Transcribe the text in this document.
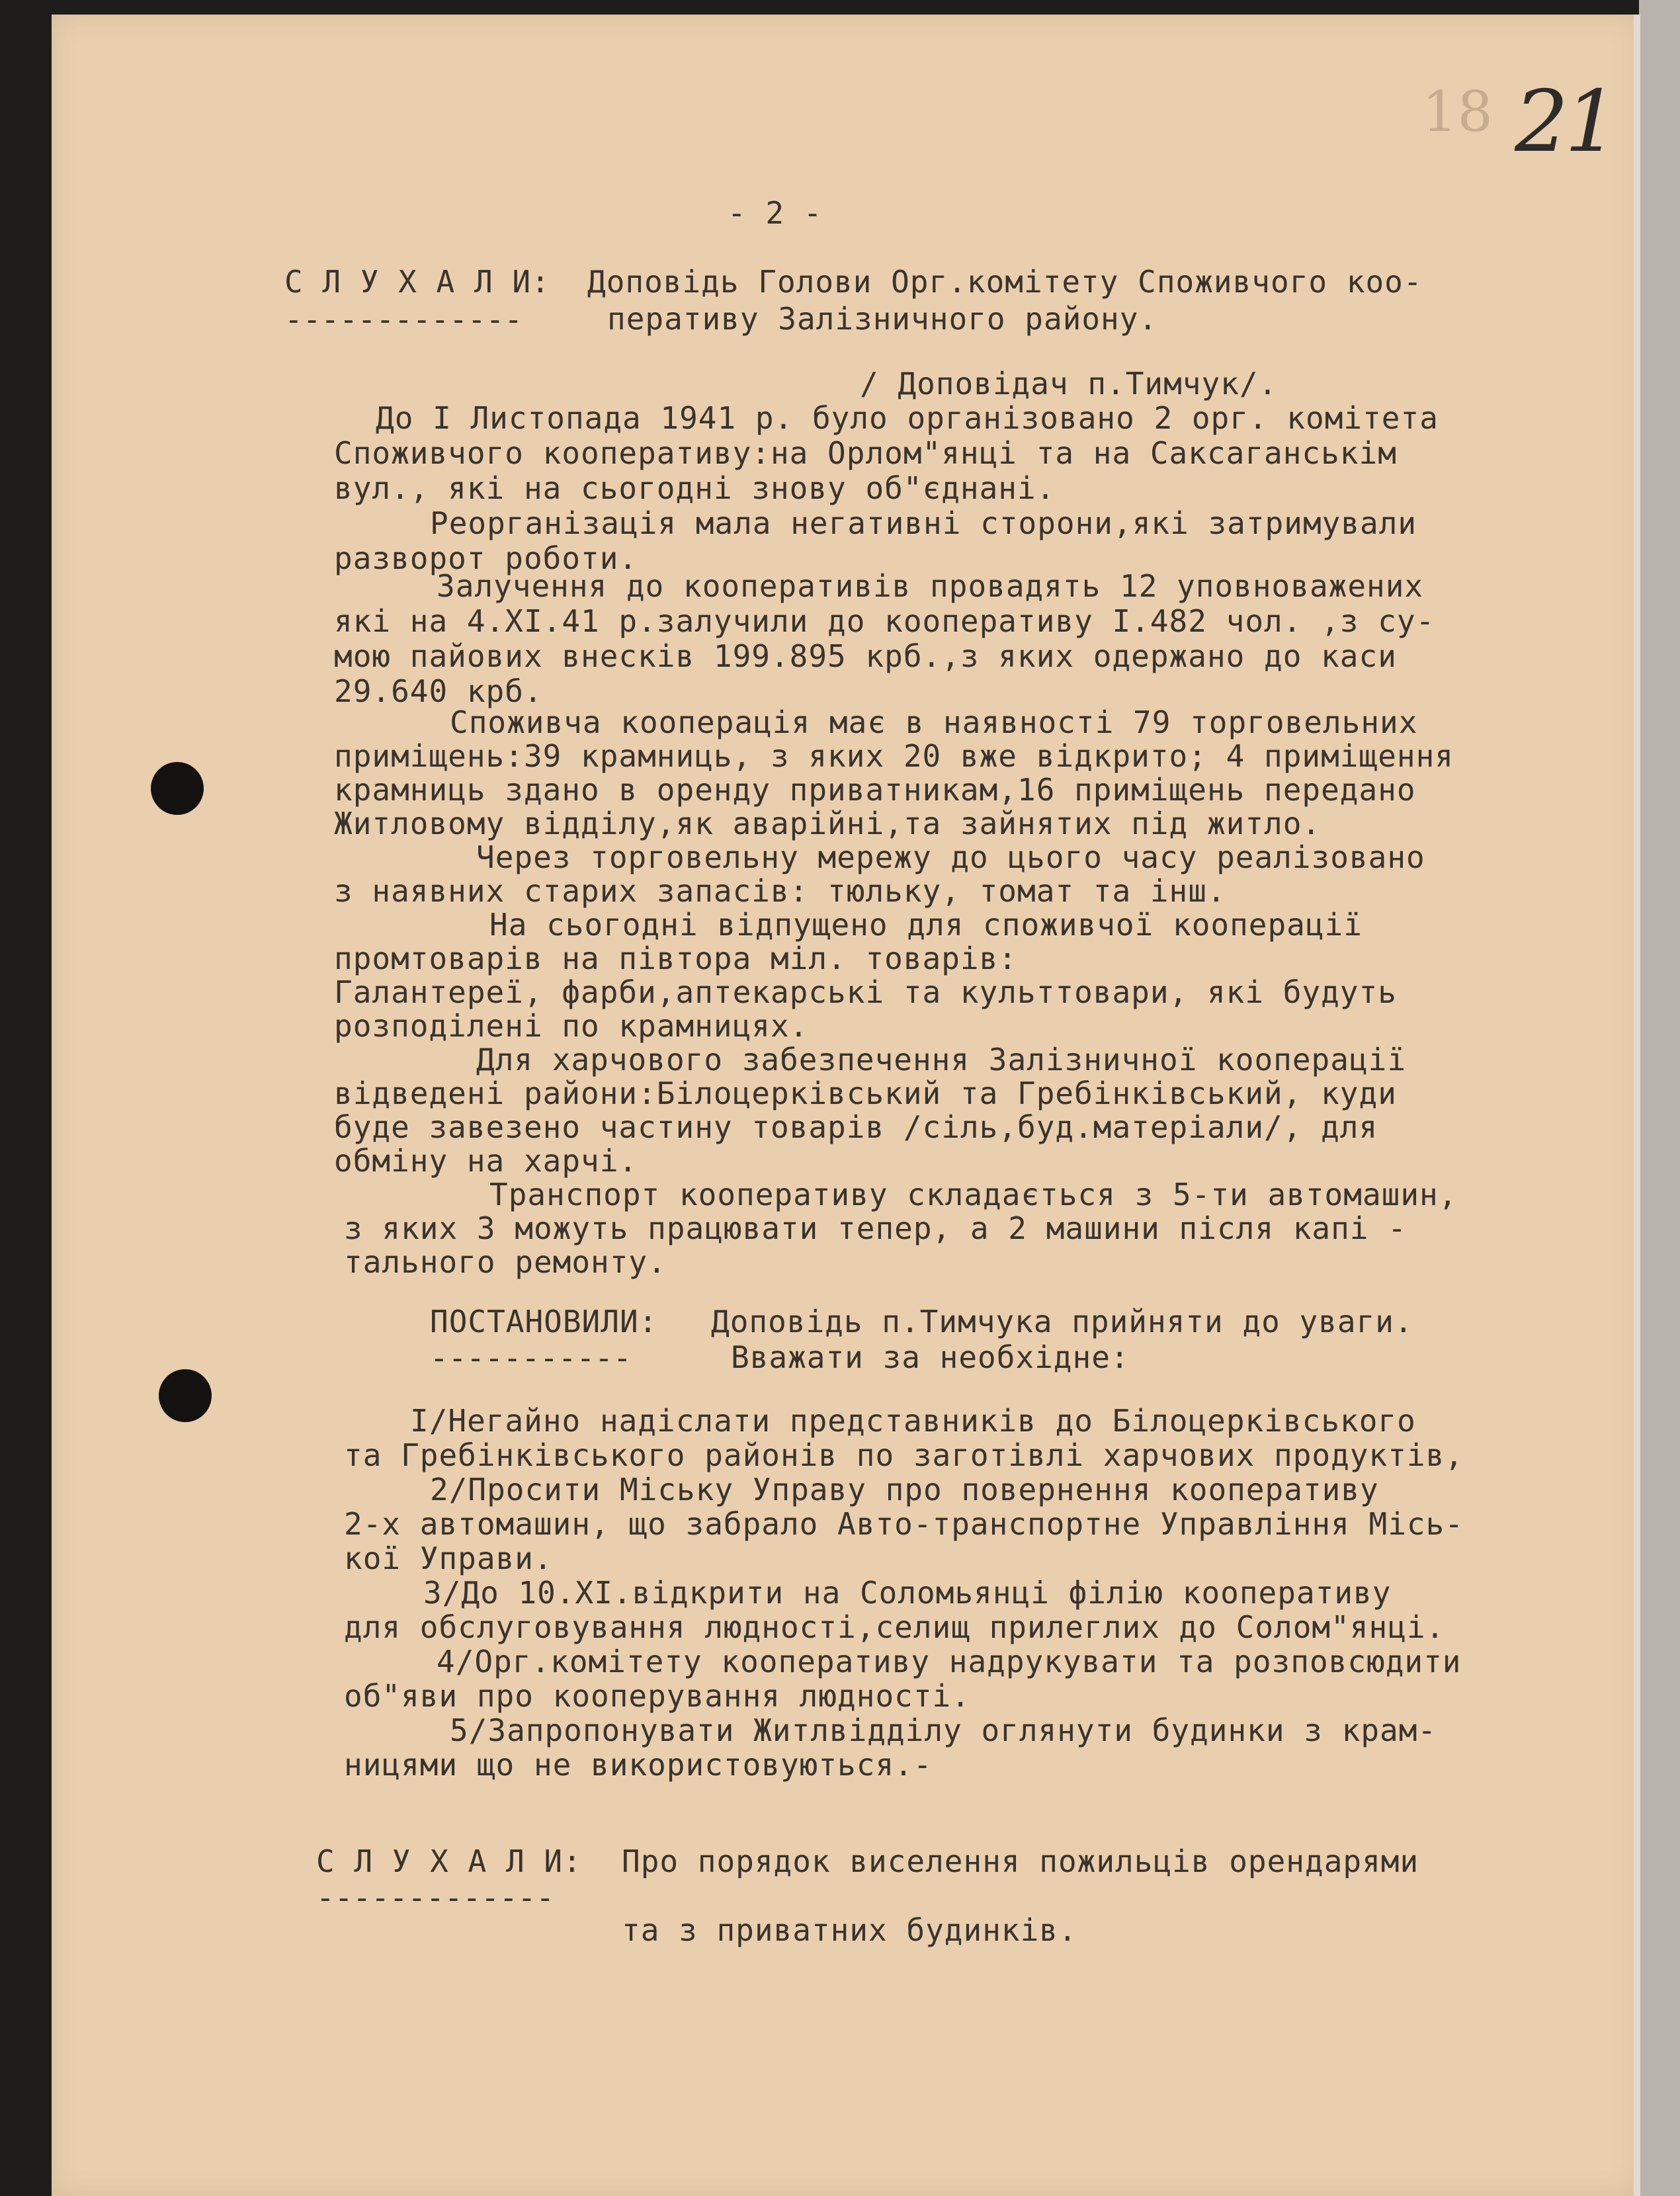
18 21
- 2 -
С Л У Х А Л И: Доповідь Голови Орг.комітету Споживчого коо-
-------------	перативу Залізничного району.
/ Доповідач п.Тимчук/.
До I Листопада 1941 р. було організовано 2 орг. комітета
Споживчого кооперативу:на Орлом"янці та на Саксаганськім
вул., які на сьогодні знову об"єднані.
Реорганізація мала негативні сторони,які затримували
разворот роботи.
Залучення до кооперативів провадять 12 уповноважених
які на 4.XI.41 р.залучили до кооперативу I.482 чол. ,з су-
мою пайових внесків 199.895 крб.,з яких одержано до каси
29.640 крб.
Споживча кооперація має в наявності 79 торговельних
приміщень:39 крамниць, з яких 20 вже відкрито; 4 приміщення
крамниць здано в оренду приватникам,16 приміщень передано
Житловому відділу,як аварійні,та зайнятих під житло.
Через торговельну мережу до цього часу реалізовано
з наявних старих запасів: тюльку, томат та інш.
На сьогодні відпущено для споживчої кооперації
промтоварів на півтора міл. товарів:
Галантереї, фарби,аптекарські та культтовари, які будуть
розподілені по крамницях.
Для харчового забезпечення Залізничної кооперації
відведені райони:Білоцерківський та Гребінківський, куди
буде завезено частину товарів /сіль,буд.матеріали/, для
обміну на харчі.
Транспорт кооперативу складається з 5-ти автомашин,
з яких 3 можуть працювати тепер, а 2 машини після капі -
тального ремонту.
ПОСТАНОВИЛИ: Доповідь п.Тимчука прийняти до уваги.
-----------	Вважати за необхідне:
I/Негайно надіслати представників до Білоцерківського
та Гребінківського районів по заготівлі харчових продуктів,
2/Просити Міську Управу про повернення кооперативу
2-х автомашин, що забрало Авто-транспортне Управління Місь-
кої Управи.
3/До 10.XI.відкрити на Соломьянці філію кооперативу
для обслуговування людності,селищ прилеглих до Солом"янці.
4/Орг.комітету кооперативу надрукувати та розповсюдити
об"яви про кооперування людності.
5/Запропонувати Житлвідділу оглянути будинки з крам-
ницями що не використовуються.-
С Л У Х А Л И: Про порядок виселення пожильців орендарями
-------------
та з приватних будинків.
